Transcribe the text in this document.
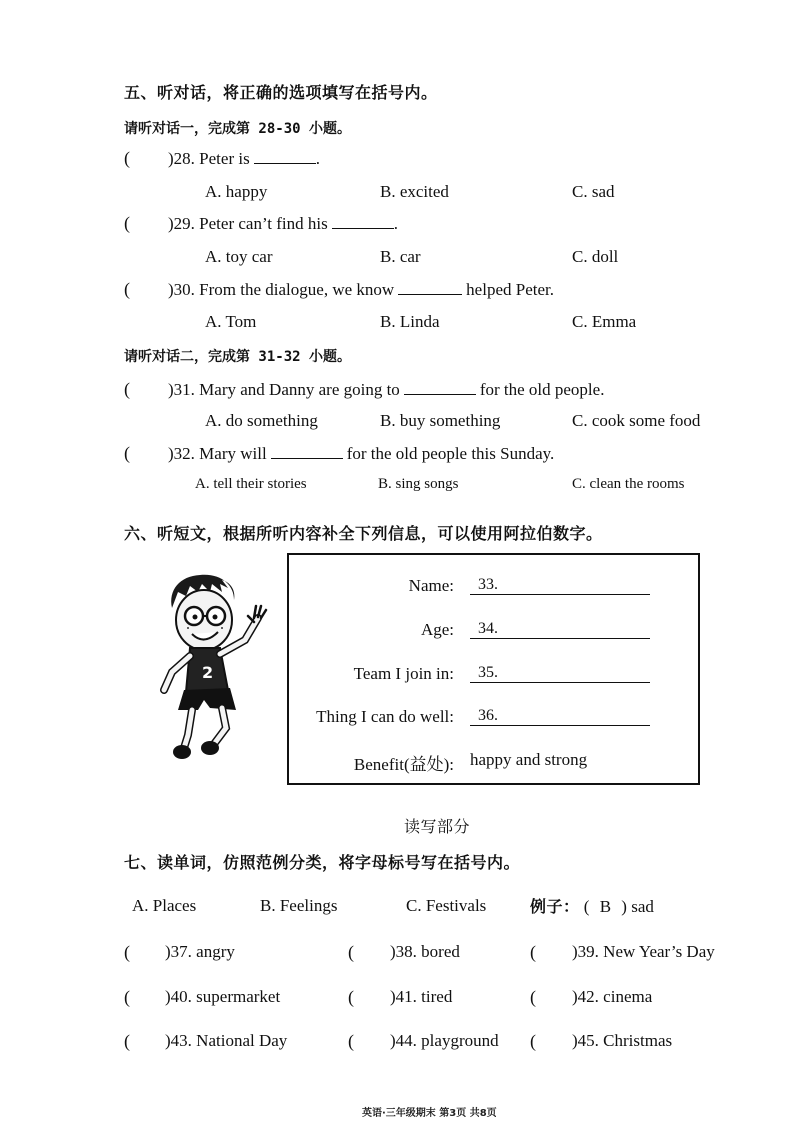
五、听对话，将正确的选项填写在括号内。
请听对话一，完成第 28-30 小题。
( )28. Peter is	.
A. happy	B. excited	C. sad
( )29. Peter can’t find his	.
A. toy car	B. car	C. doll
( )30. From the dialogue, we know	helped Peter.
A. Tom	B. Linda	C. Emma
请听对话二，完成第 31-32 小题。
( )31. Mary and Danny are going to	for the old people.
A. do something	B. buy something	C. cook some food
( )32. Mary will	for the old people this Sunday.
A. tell their stories	B. sing songs	C. clean the rooms
六、听短文，根据所听内容补全下列信息，可以使用阿拉伯数字。
2
Name:	33.
Age:	34.
Team I join in:	35.
Thing I can do well:	36.
Benefit(益处): happy and strong
读写部分
七、读单词，仿照范例分类，将字母标号写在括号内。
A. Places	B. Feelings	C. Festivals	例子： ( B ) sad
( )37. angry	( )38. bored	( )39. New Year’s Day
( )40. supermarket	( )41. tired	( )42. cinema
( )43. National Day	( )44. playground ( )45. Christmas
英语·三年级期末 第3页 共8页
